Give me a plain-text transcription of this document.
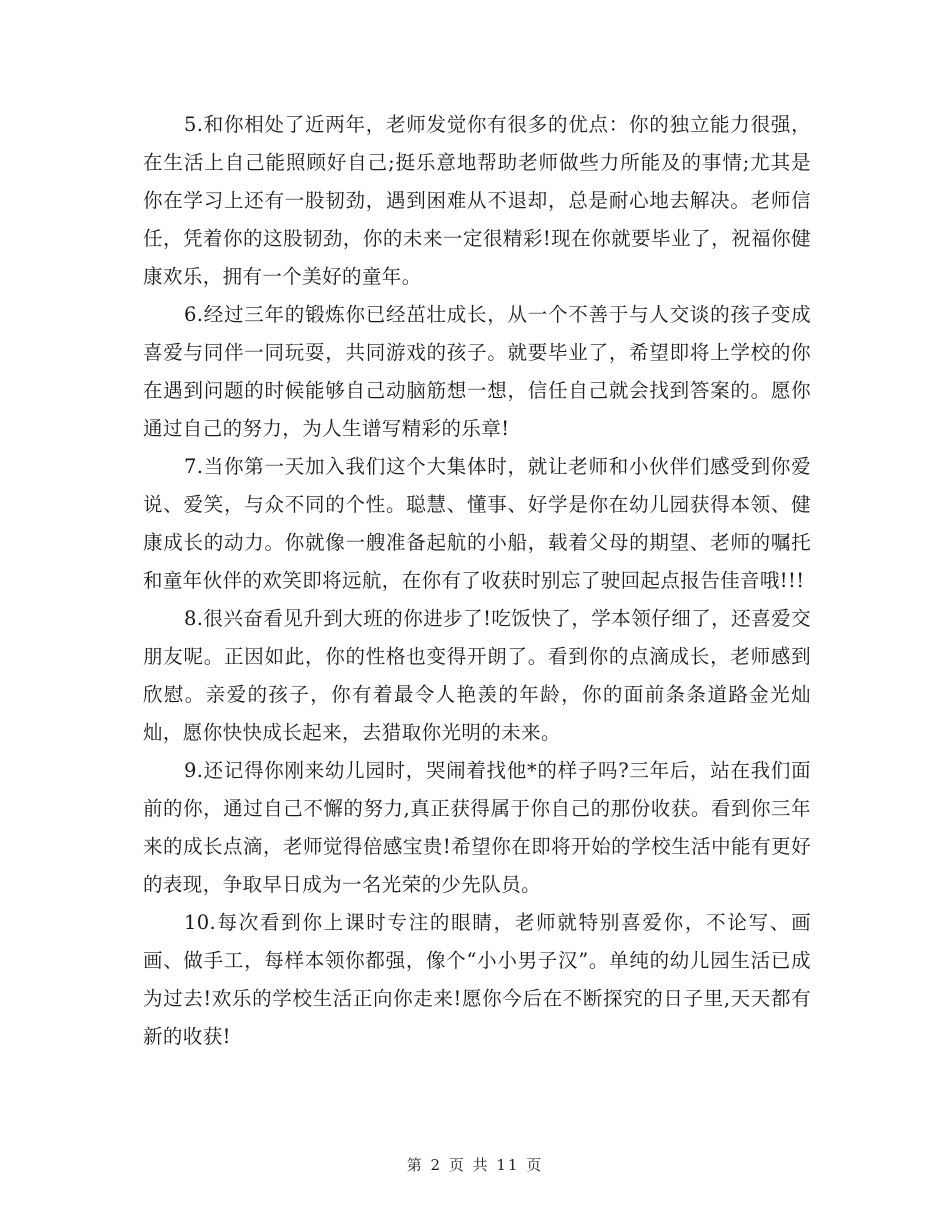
5.和你相处了近两年，老师发觉你有很多的优点：你的独立能力很强，在生活上自己能照顾好自己;挺乐意地帮助老师做些力所能及的事情;尤其是你在学习上还有一股韧劲，遇到困难从不退却，总是耐心地去解决。老师信任，凭着你的这股韧劲，你的未来一定很精彩!现在你就要毕业了，祝福你健康欢乐，拥有一个美好的童年。

6.经过三年的锻炼你已经茁壮成长，从一个不善于与人交谈的孩子变成喜爱与同伴一同玩耍，共同游戏的孩子。就要毕业了，希望即将上学校的你在遇到问题的时候能够自己动脑筋想一想，信任自己就会找到答案的。愿你通过自己的努力，为人生谱写精彩的乐章!

7.当你第一天加入我们这个大集体时，就让老师和小伙伴们感受到你爱说、爱笑，与众不同的个性。聪慧、懂事、好学是你在幼儿园获得本领、健康成长的动力。你就像一艘准备起航的小船，载着父母的期望、老师的嘱托和童年伙伴的欢笑即将远航，在你有了收获时别忘了驶回起点报告佳音哦!!!

8.很兴奋看见升到大班的你进步了!吃饭快了，学本领仔细了，还喜爱交朋友呢。正因如此，你的性格也变得开朗了。看到你的点滴成长，老师感到欣慰。亲爱的孩子，你有着最令人艳羡的年龄，你的面前条条道路金光灿灿，愿你快快成长起来，去猎取你光明的未来。

9.还记得你刚来幼儿园时，哭闹着找他*的样子吗?三年后，站在我们面前的你，通过自己不懈的努力,真正获得属于你自己的那份收获。看到你三年来的成长点滴，老师觉得倍感宝贵!希望你在即将开始的学校生活中能有更好的表现，争取早日成为一名光荣的少先队员。

10.每次看到你上课时专注的眼睛，老师就特别喜爱你，不论写、画画、做手工，每样本领你都强，像个“小小男子汉”。单纯的幼儿园生活已成为过去!欢乐的学校生活正向你走来!愿你今后在不断探究的日子里,天天都有新的收获!

第 2 页 共 11 页
